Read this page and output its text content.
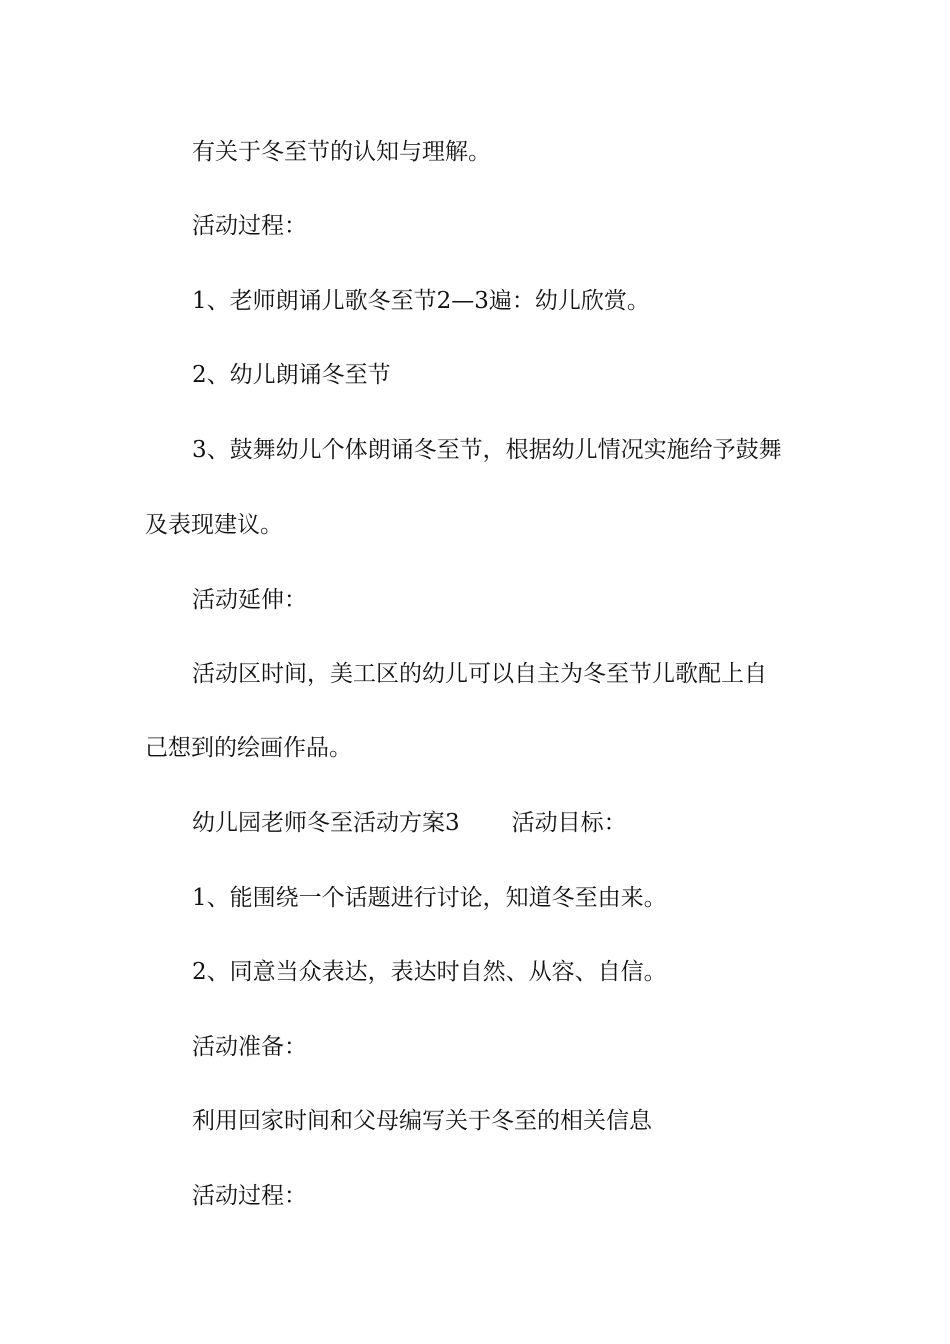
有关于冬至节的认知与理解。
活动过程：
1、老师朗诵儿歌冬至节2—3遍：幼儿欣赏。
2、幼儿朗诵冬至节
3、鼓舞幼儿个体朗诵冬至节，根据幼儿情况实施给予鼓舞
及表现建议。
活动延伸：
活动区时间，美工区的幼儿可以自主为冬至节儿歌配上自
己想到的绘画作品。
幼儿园老师冬至活动方案3 活动目标：
1、能围绕一个话题进行讨论，知道冬至由来。
2、同意当众表达，表达时自然、从容、自信。
活动准备：
利用回家时间和父母编写关于冬至的相关信息
活动过程：
